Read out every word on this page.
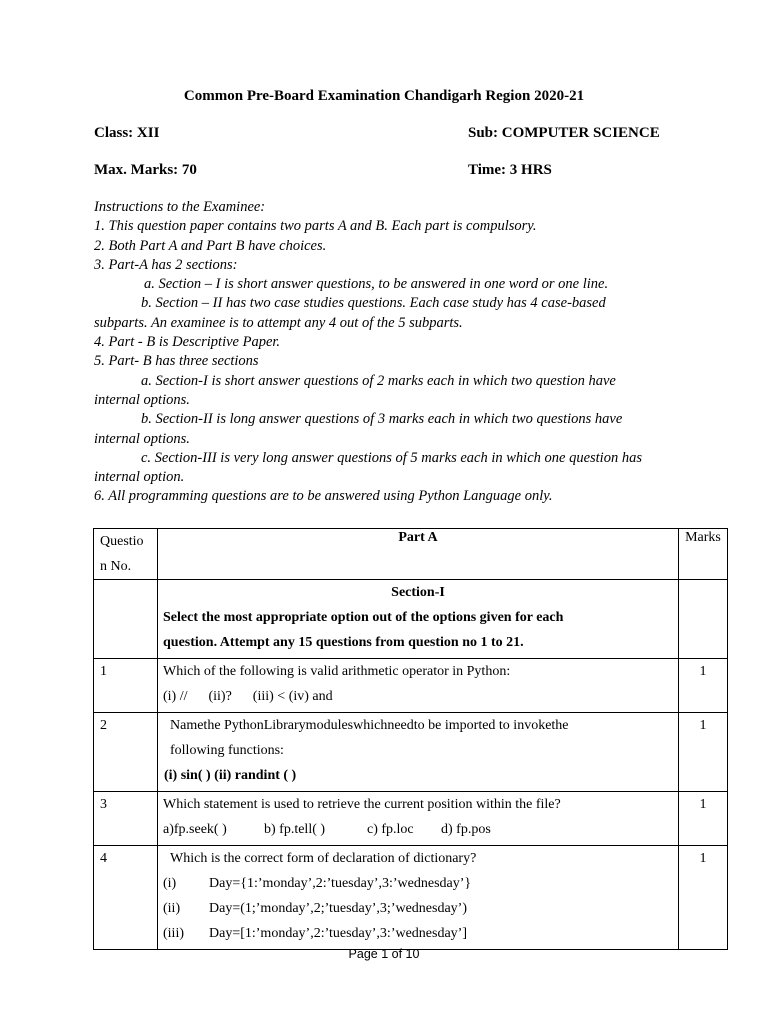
Common Pre-Board Examination Chandigarh Region 2020-21
Class: XII	Sub: COMPUTER SCIENCE
Max. Marks: 70	Time: 3 HRS
Instructions to the Examinee:
1. This question paper contains two parts A and B. Each part is compulsory.
2. Both Part A and Part B have choices.
3. Part-A has 2 sections:
a. Section – I is short answer questions, to be answered in one word or one line.
b. Section – II has two case studies questions. Each case study has 4 case-based
subparts. An examinee is to attempt any 4 out of the 5 subparts.
4. Part - B is Descriptive Paper.
5. Part- B has three sections
a. Section-I is short answer questions of 2 marks each in which two question have
internal options.
b. Section-II is long answer questions of 3 marks each in which two questions have
internal options.
c. Section-III is very long answer questions of 5 marks each in which one question has
internal option.
6. All programming questions are to be answered using Python Language only.
Questio
n No.	Part A	Marks

	Section-I
Select the most appropriate option out of the options given for each
question. Attempt any 15 questions from question no 1 to 21.	

1	Which of the following is valid arithmetic operator in Python:
(i) //      (ii)?      (iii) < (iv) and	1

2	Namethe PythonLibrarymoduleswhichneedto be imported to invokethe
following functions:
(i) sin( ) (ii) randint ( )	1

3	Which statement is used to retrieve the current position within the file?
a)fp.seek( ) b) fp.tell( ) c) fp.loc d) fp.pos	1

4	Which is the correct form of declaration of dictionary?
(i) Day={1:’monday’,2:’tuesday’,3:’wednesday’}
(ii) Day=(1;’monday’,2;’tuesday’,3;’wednesday’)
(iii) Day=[1:’monday’,2:’tuesday’,3:’wednesday’]	1
Page 1 of 10
